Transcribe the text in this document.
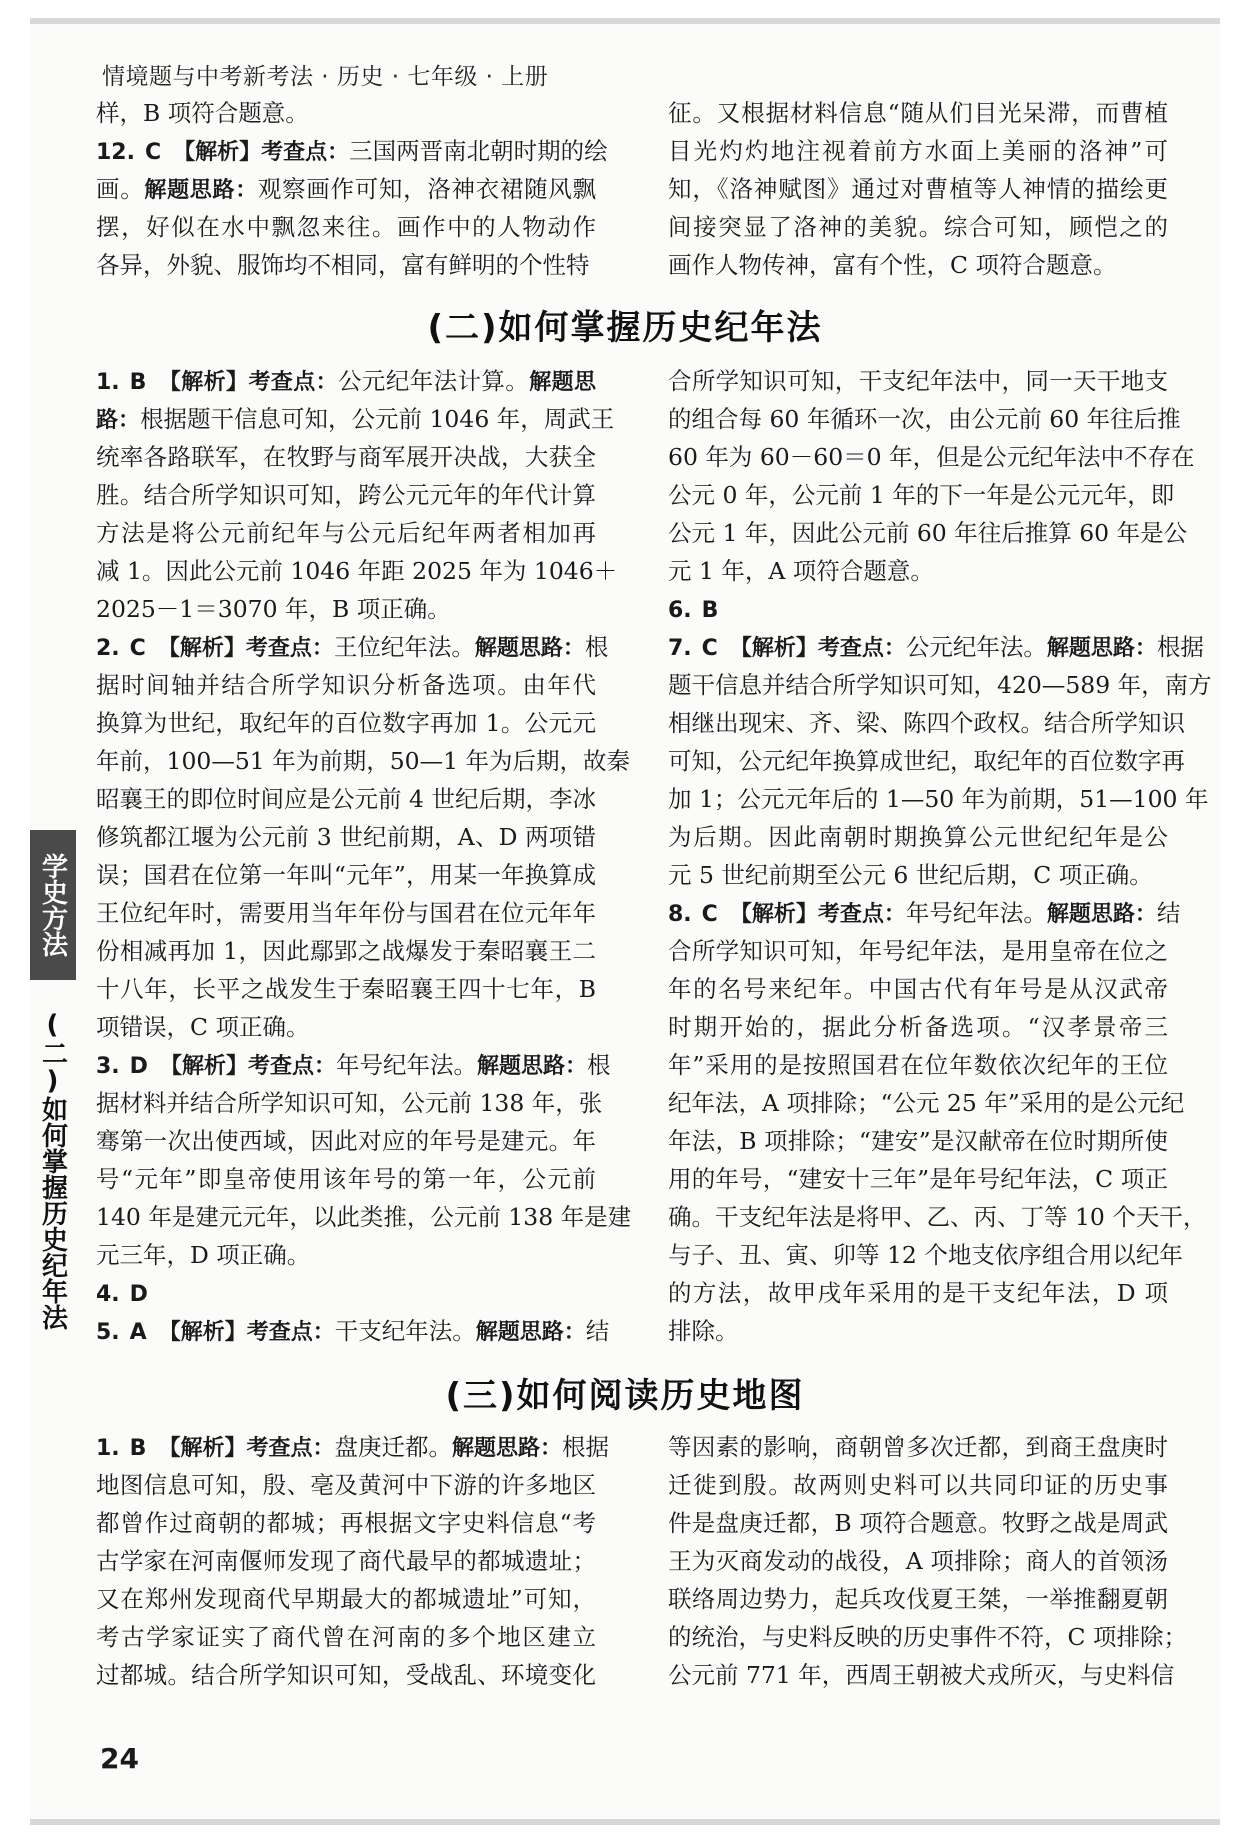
情境题与中考新考法 · 历史 · 七年级 · 上册
样，B 项符合题意。
12. C 【解析】考查点：三国两晋南北朝时期的绘
画。解题思路：观察画作可知，洛神衣裙随风飘
摆，好似在水中飘忽来往。画作中的人物动作
各异，外貌、服饰均不相同，富有鲜明的个性特
征。又根据材料信息“随从们目光呆滞，而曹植
目光灼灼地注视着前方水面上美丽的洛神”可
知，《洛神赋图》通过对曹植等人神情的描绘更
间接突显了洛神的美貌。综合可知，顾恺之的
画作人物传神，富有个性，C 项符合题意。
(二)如何掌握历史纪年法
1. B 【解析】考查点：公元纪年法计算。解题思
路：根据题干信息可知，公元前 1046 年，周武王
统率各路联军，在牧野与商军展开决战，大获全
胜。结合所学知识可知，跨公元元年的年代计算
方法是将公元前纪年与公元后纪年两者相加再
减 1。因此公元前 1046 年距 2025 年为 1046＋
2025－1＝3070 年，B 项正确。
2. C 【解析】考查点：王位纪年法。解题思路：根
据时间轴并结合所学知识分析备选项。由年代
换算为世纪，取纪年的百位数字再加 1。公元元
年前，100—51 年为前期，50—1 年为后期，故秦
昭襄王的即位时间应是公元前 4 世纪后期，李冰
修筑都江堰为公元前 3 世纪前期，A、D 两项错
误；国君在位第一年叫“元年”，用某一年换算成
王位纪年时，需要用当年年份与国君在位元年年
份相减再加 1，因此鄢郢之战爆发于秦昭襄王二
十八年，长平之战发生于秦昭襄王四十七年，B
项错误，C 项正确。
3. D 【解析】考查点：年号纪年法。解题思路：根
据材料并结合所学知识可知，公元前 138 年，张
骞第一次出使西域，因此对应的年号是建元。年
号“元年”即皇帝使用该年号的第一年，公元前
140 年是建元元年，以此类推，公元前 138 年是建
元三年，D 项正确。
4. D
5. A 【解析】考查点：干支纪年法。解题思路：结
合所学知识可知，干支纪年法中，同一天干地支
的组合每 60 年循环一次，由公元前 60 年往后推
60 年为 60－60＝0 年，但是公元纪年法中不存在
公元 0 年，公元前 1 年的下一年是公元元年，即
公元 1 年，因此公元前 60 年往后推算 60 年是公
元 1 年，A 项符合题意。
6. B
7. C 【解析】考查点：公元纪年法。解题思路：根据
题干信息并结合所学知识可知，420—589 年，南方
相继出现宋、齐、梁、陈四个政权。结合所学知识
可知，公元纪年换算成世纪，取纪年的百位数字再
加 1；公元元年后的 1—50 年为前期，51—100 年
为后期。因此南朝时期换算公元世纪纪年是公
元 5 世纪前期至公元 6 世纪后期，C 项正确。
8. C 【解析】考查点：年号纪年法。解题思路：结
合所学知识可知，年号纪年法，是用皇帝在位之
年的名号来纪年。中国古代有年号是从汉武帝
时期开始的，据此分析备选项。“汉孝景帝三
年”采用的是按照国君在位年数依次纪年的王位
纪年法，A 项排除；“公元 25 年”采用的是公元纪
年法，B 项排除；“建安”是汉献帝在位时期所使
用的年号，“建安十三年”是年号纪年法，C 项正
确。干支纪年法是将甲、乙、丙、丁等 10 个天干，
与子、丑、寅、卯等 12 个地支依序组合用以纪年
的方法，故甲戌年采用的是干支纪年法，D 项
排除。
(三)如何阅读历史地图
1. B 【解析】考查点：盘庚迁都。解题思路：根据
地图信息可知，殷、亳及黄河中下游的许多地区
都曾作过商朝的都城；再根据文字史料信息“考
古学家在河南偃师发现了商代最早的都城遗址；
又在郑州发现商代早期最大的都城遗址”可知，
考古学家证实了商代曾在河南的多个地区建立
过都城。结合所学知识可知，受战乱、环境变化
等因素的影响，商朝曾多次迁都，到商王盘庚时
迁徙到殷。故两则史料可以共同印证的历史事
件是盘庚迁都，B 项符合题意。牧野之战是周武
王为灭商发动的战役，A 项排除；商人的首领汤
联络周边势力，起兵攻伐夏王桀，一举推翻夏朝
的统治，与史料反映的历史事件不符，C 项排除；
公元前 771 年，西周王朝被犬戎所灭，与史料信
学史方法
(二)如何掌握历史纪年法
24
